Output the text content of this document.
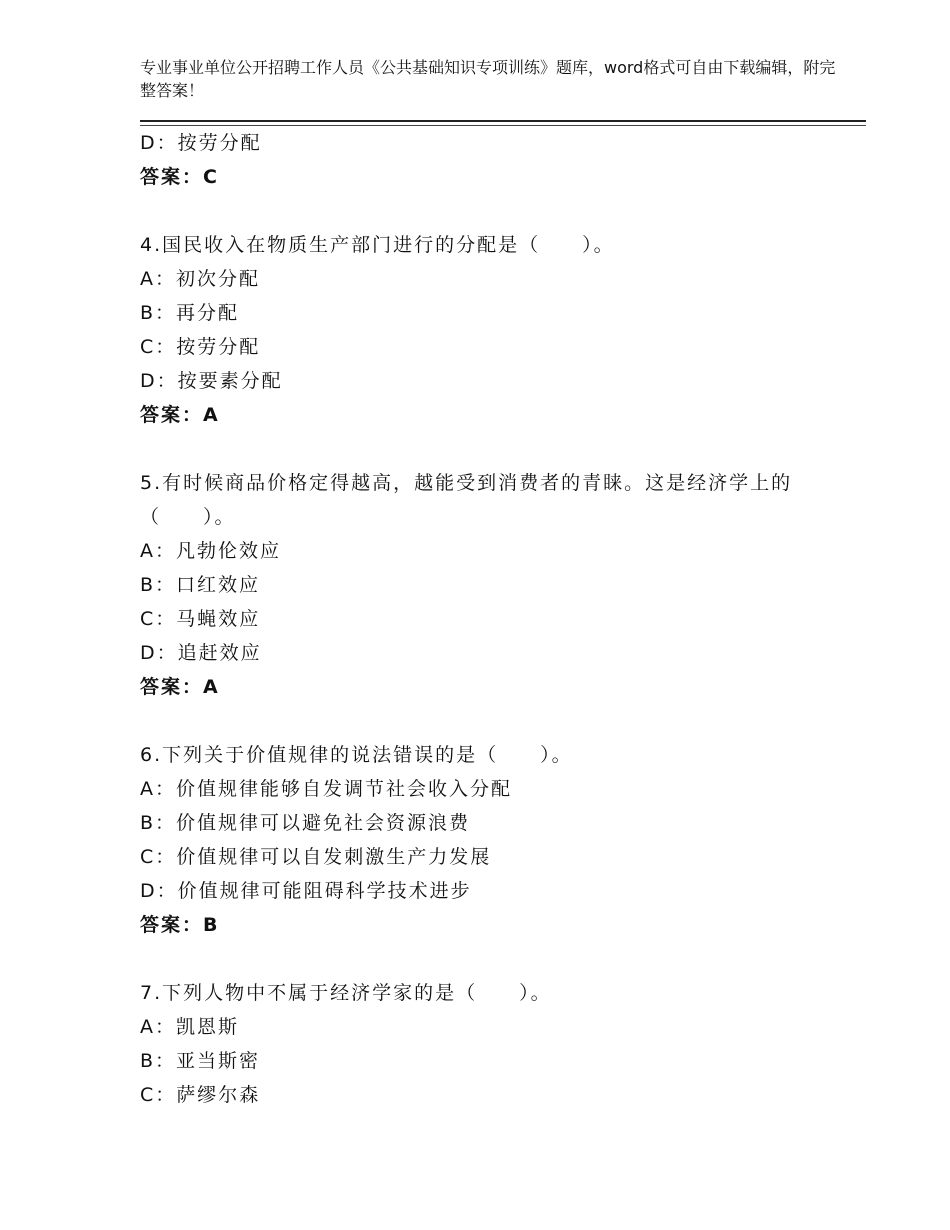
专业事业单位公开招聘工作人员《公共基础知识专项训练》题库，word格式可自由下载编辑，附完整答案！
D：按劳分配
答案：C
4.国民收入在物质生产部门进行的分配是（　　）。
A：初次分配
B：再分配
C：按劳分配
D：按要素分配
答案：A
5.有时候商品价格定得越高，越能受到消费者的青睐。这是经济学上的（　　）。
A：凡勃伦效应
B：口红效应
C：马蝇效应
D：追赶效应
答案：A
6.下列关于价值规律的说法错误的是（　　）。
A：价值规律能够自发调节社会收入分配
B：价值规律可以避免社会资源浪费
C：价值规律可以自发刺激生产力发展
D：价值规律可能阻碍科学技术进步
答案：B
7.下列人物中不属于经济学家的是（　　）。
A：凯恩斯
B：亚当斯密
C：萨缪尔森
